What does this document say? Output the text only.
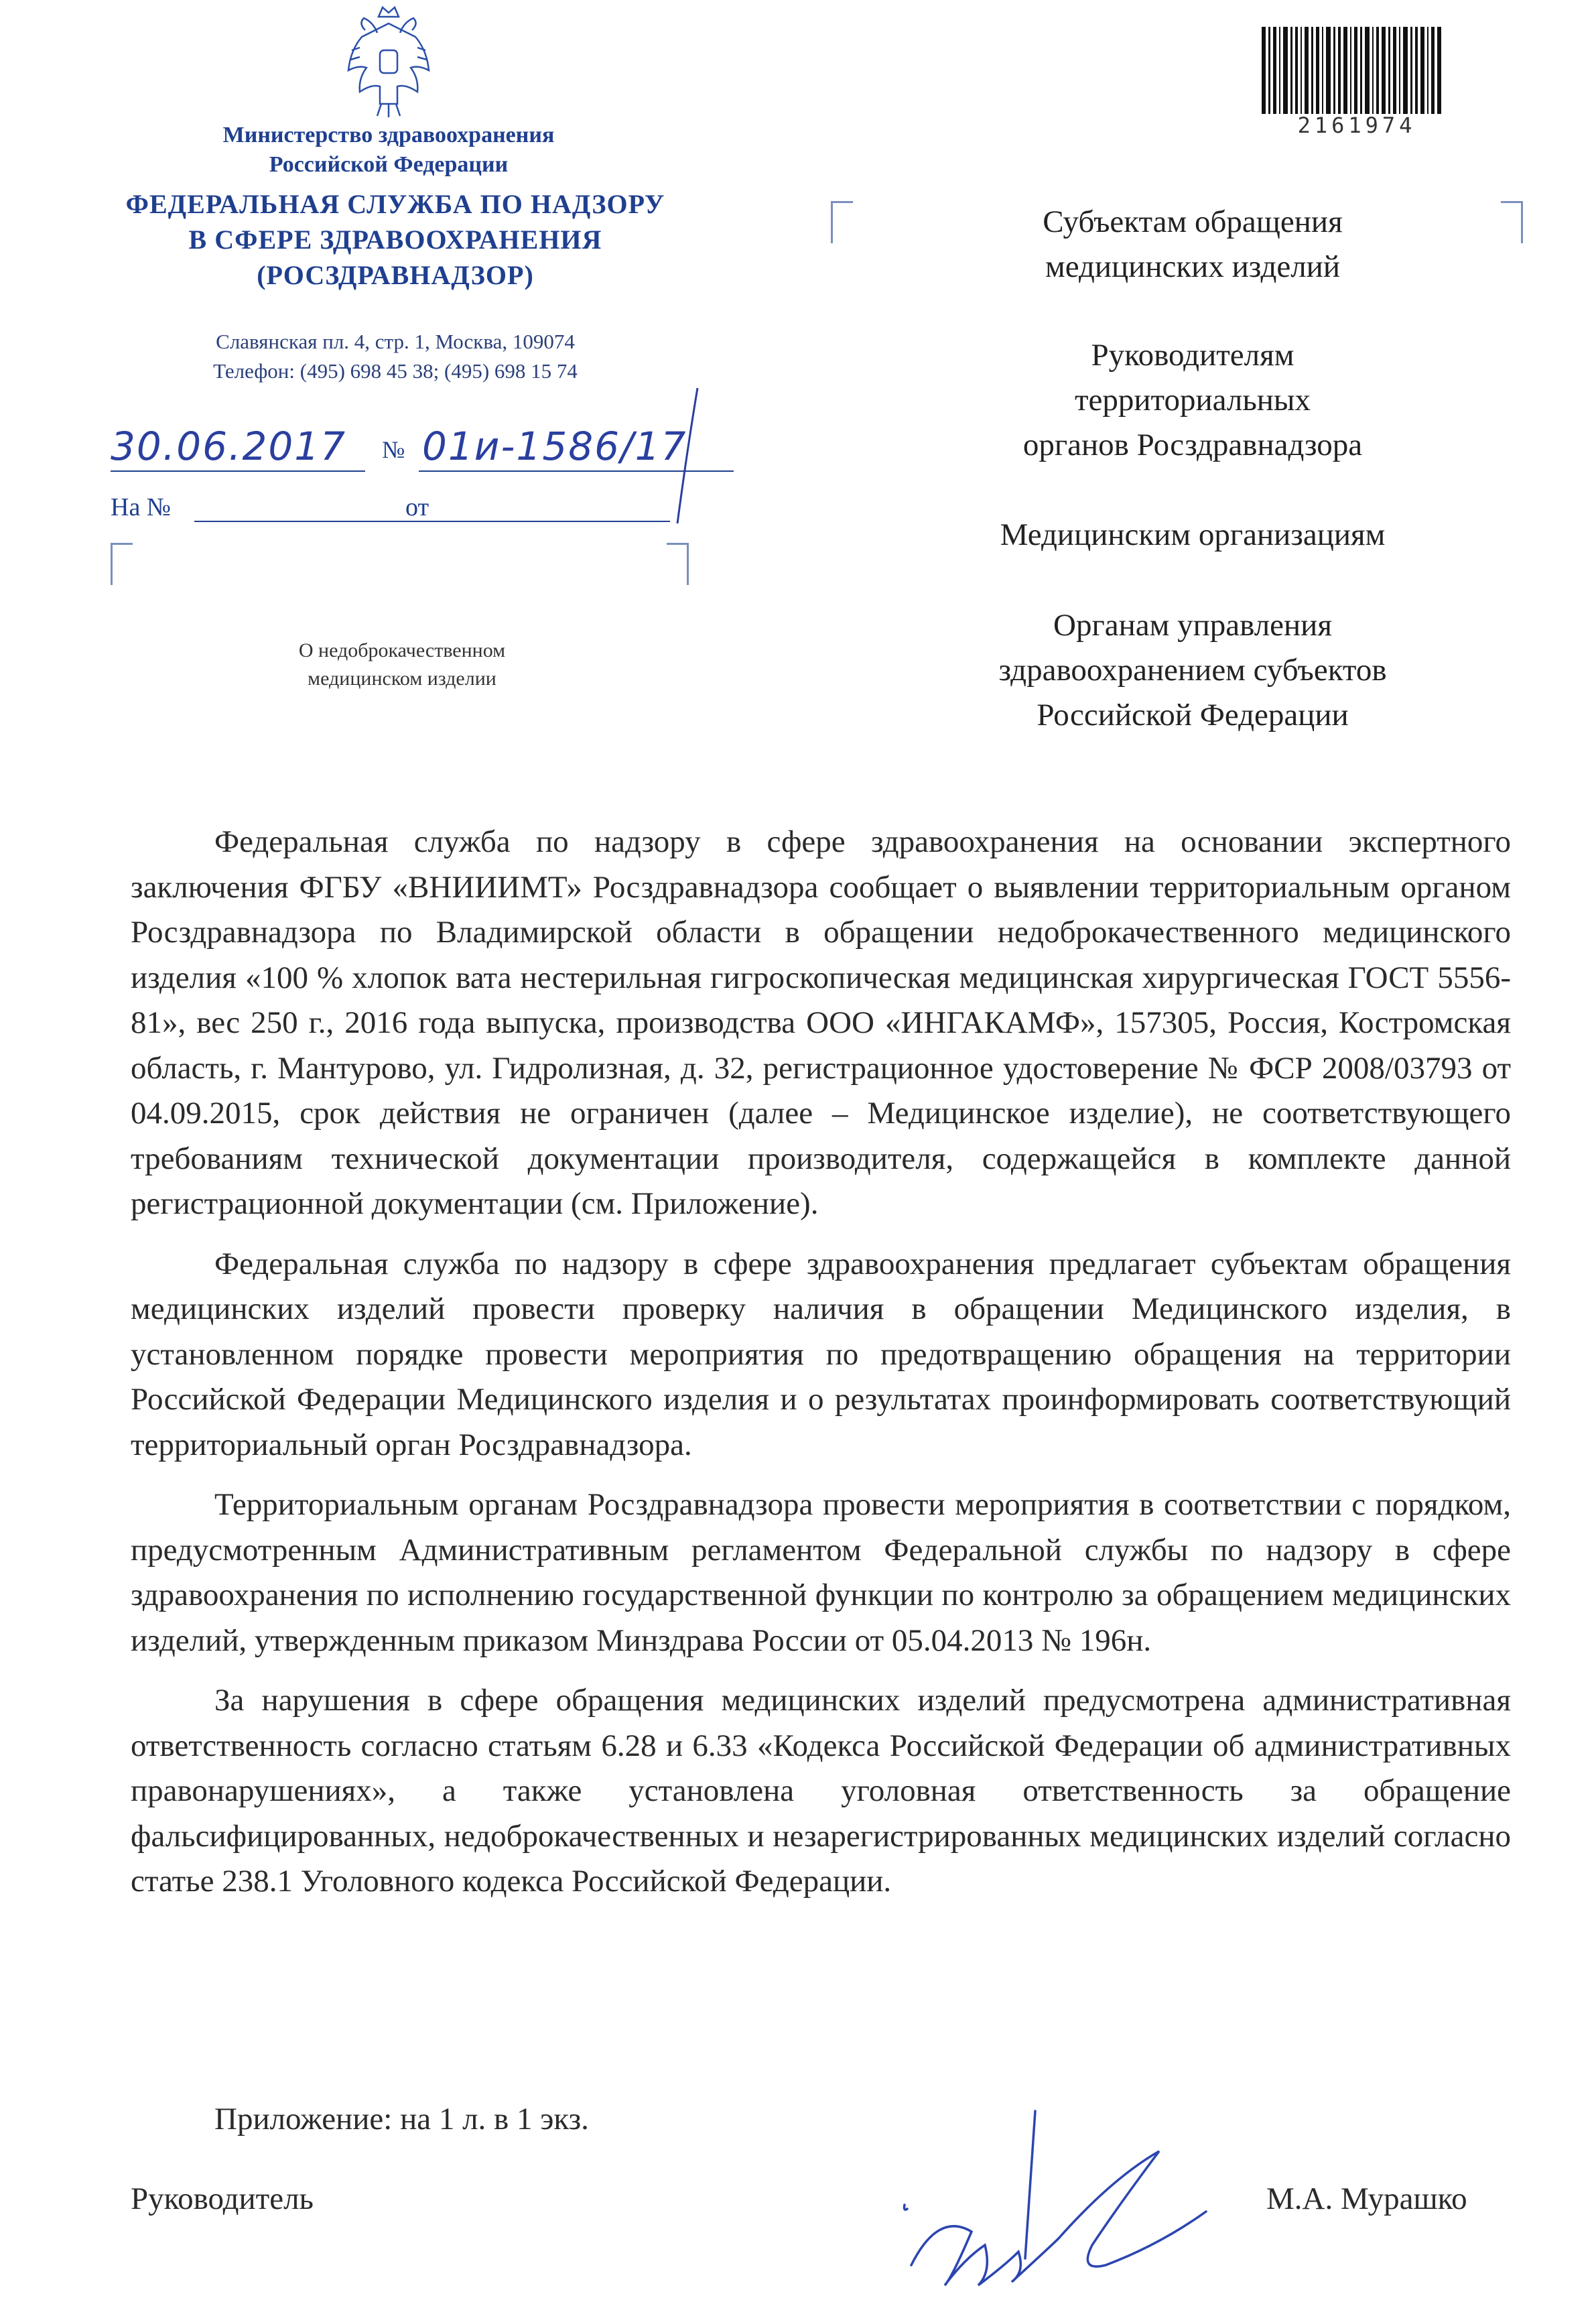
Министерство здравоохранения
Российской Федерации
ФЕДЕРАЛЬНАЯ СЛУЖБА ПО НАДЗОРУ
В СФЕРЕ ЗДРАВООХРАНЕНИЯ
(РОСЗДРАВНАДЗОР)
Славянская пл. 4, стр. 1, Москва, 109074
Телефон: (495) 698 45 38; (495) 698 15 74
30.06.2017 № 01и-1586/17
На №	от
О недоброкачественном
медицинском изделии
2161974
Субъектам обращения
медицинских изделий
Руководителям
территориальных
органов Росздравнадзора
Медицинским организациям
Органам управления
здравоохранением субъектов
Российской Федерации

Федеральная служба по надзору в сфере здравоохранения на основании экспертного заключения ФГБУ «ВНИИИМТ» Росздравнадзора сообщает о выявлении территориальным органом Росздравнадзора по Владимирской области в обращении недоброкачественного медицинского изделия «100 % хлопок вата нестерильная гигроскопическая медицинская хирургическая ГОСТ 5556-81», вес 250 г., 2016 года выпуска, производства ООО «ИНГАКАМФ», 157305, Россия, Костромская область, г. Мантурово, ул. Гидролизная, д. 32, регистрационное удостоверение № ФСР 2008/03793 от 04.09.2015, срок действия не ограничен (далее – Медицинское изделие), не соответствующего требованиям технической документации производителя, содержащейся в комплекте данной регистрационной документации (см. Приложение).

Федеральная служба по надзору в сфере здравоохранения предлагает субъектам обращения медицинских изделий провести проверку наличия в обращении Медицинского изделия, в установленном порядке провести мероприятия по предотвращению обращения на территории Российской Федерации Медицинского изделия и о результатах проинформировать соответствующий территориальный орган Росздравнадзора.

Территориальным органам Росздравнадзора провести мероприятия в соответствии с порядком, предусмотренным Административным регламентом Федеральной службы по надзору в сфере здравоохранения по исполнению государственной функции по контролю за обращением медицинских изделий, утвержденным приказом Минздрава России от 05.04.2013 № 196н.

За нарушения в сфере обращения медицинских изделий предусмотрена административная ответственность согласно статьям 6.28 и 6.33 «Кодекса Российской Федерации об административных правонарушениях», а также установлена уголовная ответственность за обращение фальсифицированных, недоброкачественных и незарегистрированных медицинских изделий согласно статье 238.1 Уголовного кодекса Российской Федерации.

Приложение: на 1 л. в 1 экз.
Руководитель	М.А. Мурашко
